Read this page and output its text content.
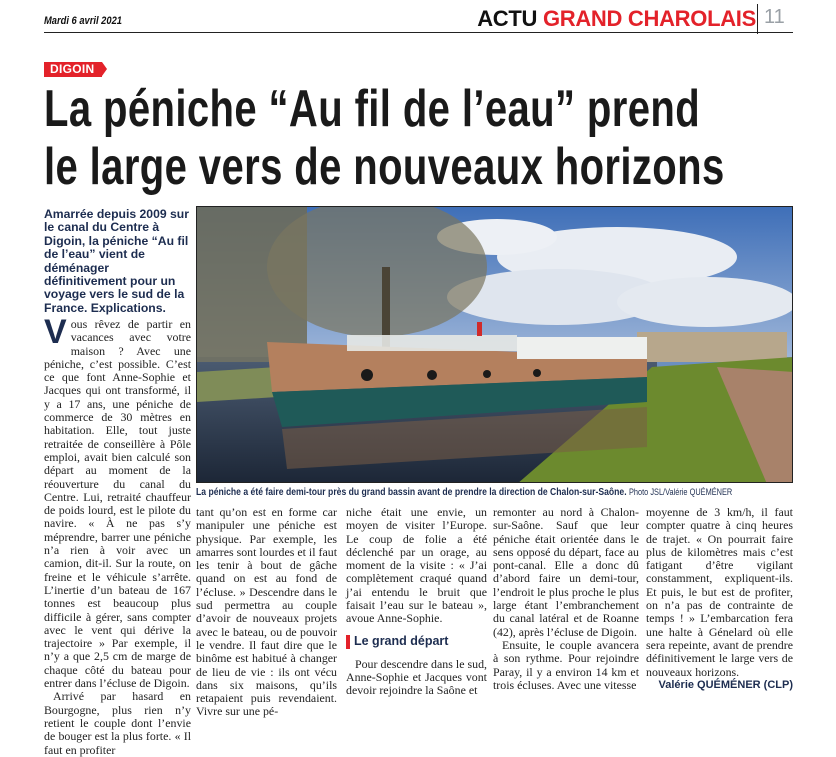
Mardi 6 avril 2021	ACTU GRAND CHAROLAIS 11
DIGOIN
La péniche “Au fil de l’eau” prend
le large vers de nouveaux horizons
Amarrée depuis 2009 sur le canal du Centre à Digoin, la péniche “Au fil de l’eau” vient de déménager définitivement pour un voyage vers le sud de la France. Explications.

Vous rêvez de partir en vacances avec votre maison ? Avec une péniche, c’est possible. C’est ce que font Anne-Sophie et Jacques qui ont transformé, il y a 17 ans, une péniche de commerce de 30 mètres en habitation. Elle, tout juste retraitée de conseillère à Pôle emploi, avait bien calculé son départ au moment de la réouverture du canal du Centre. Lui, retraité chauffeur de poids lourd, est le pilote du navire. « À ne pas s’y méprendre, barrer une péniche n’a rien à voir avec un camion, dit-il. Sur la route, on freine et le véhicule s’arrête. L’inertie d’un bateau de 167 tonnes est beaucoup plus difficile à gérer, sans compter avec le vent qui dérive la trajectoire » Par exemple, il n’y a que 2,5 cm de marge de chaque côté du bateau pour entrer dans l’écluse de Digoin.

Arrivé par hasard en Bourgogne, plus rien n’y retient le couple dont l’envie de bouger est la plus forte. « Il faut en profiter

La péniche a été faire demi-tour près du grand bassin avant de prendre la direction de Chalon-sur-Saône. Photo JSL/Valérie QUÉMÉNER

tant qu’on est en forme car manipuler une péniche est physique. Par exemple, les amarres sont lourdes et il faut les tenir à bout de gâche quand on est au fond de l’écluse. » Descendre dans le sud permettra au couple d’avoir de nouveaux projets avec le bateau, ou de pouvoir le vendre. Il faut dire que le binôme est habitué à changer de lieu de vie : ils ont vécu dans six maisons, qu’ils retapaient puis revendaient. Vivre sur une pé-

niche était une envie, un moyen de visiter l’Europe. Le coup de folie a été déclenché par un orage, au moment de la visite : « J’ai complètement craqué quand j’ai entendu le bruit que faisait l’eau sur le bateau », avoue Anne-Sophie.

Le grand départ

Pour descendre dans le sud, Anne-Sophie et Jacques vont devoir rejoindre la Saône et

remonter au nord à Chalon-sur-Saône. Sauf que leur péniche était orientée dans le sens opposé du départ, face au pont-canal. Elle a donc dû d’abord faire un demi-tour, l’endroit le plus proche le plus large étant l’embranchement du canal latéral et de Roanne (42), après l’écluse de Digoin.

Ensuite, le couple avancera à son rythme. Pour rejoindre Paray, il y a environ 14 km et trois écluses. Avec une vitesse

moyenne de 3 km/h, il faut compter quatre à cinq heures de trajet. « On pourrait faire plus de kilomètres mais c’est fatigant d’être vigilant constamment, expliquent-ils. Et puis, le but est de profiter, on n’a pas de contrainte de temps ! » L’embarcation fera une halte à Génelard où elle sera repeinte, avant de prendre définitivement le large vers de nouveaux horizons.

Valérie QUÉMÉNER (CLP)
